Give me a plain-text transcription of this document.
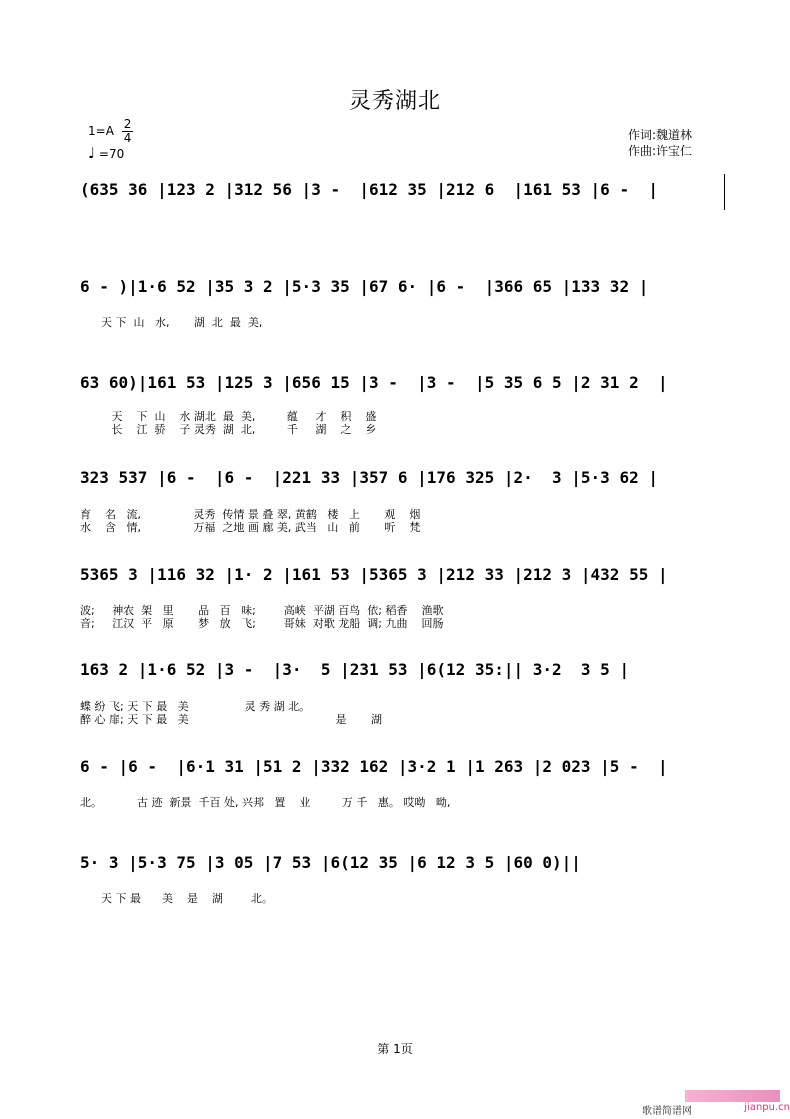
灵秀湖北
$1=A \frac{2}{4}$
♩ =70
作词:魏道林
作曲:许宝仁
(635 36 |123 2 |312 56 |3 -  |612 35 |212 6  |161 53 |6 -  |
6 - )|1·6 52 |35 3 2 |5·3 35 |67 6· |6 -  |366 65 |133 32 |
天 下  山   水,       湖  北  最  美,
63 60)|161 53 |125 3 |656 15 |3 -  |3 -  |5 35 6 5 |2 31 2  |
天    下  山    水 湖北  最  美,         蕴     才    积    盛
长    江  骄    子 灵秀  湖  北,         千     湖    之    乡
323 537 |6 -  |6 -  |221 33 |357 6 |176 325 |2·  3 |5·3 62 |
育    名   流,               灵秀  传情 景 叠 翠, 黄鹤   楼   上       观    烟
水    含   情,               万福  之地 画 廊 美, 武当   山   前       听    梵
5365 3 |116 32 |1· 2 |161 53 |5365 3 |212 33 |212 3 |432 55 |
波;     神农  架   里       品   百   味;        高峡  平湖 百鸟  依; 稻香    渔歌
音;     江汉  平   原       梦   放   飞;        哥妹  对歌 龙船  调; 九曲    回肠
163 2 |1·6 52 |3 -  |3·  5 |231 53 |6(12 35:|| 3·2  3 5 |
蝶 纷 飞; 天 下 最   美                灵 秀 湖 北。
醉 心 扉; 天 下 最   美                                          是       湖
6 - |6 -  |6·1 31 |51 2 |332 162 |3·2 1 |1 263 |2 023 |5 -  |
北。          古 迹  新景  千百 处, 兴邦   置    业         万 千   惠。 哎呦   呦,
5· 3 |5·3 75 |3 05 |7 53 |6(12 35 |6 12 3 5 |60 0)||
天 下 最      美    是    湖        北。
第 1页
歌谱简谱网	jianpu.cn
